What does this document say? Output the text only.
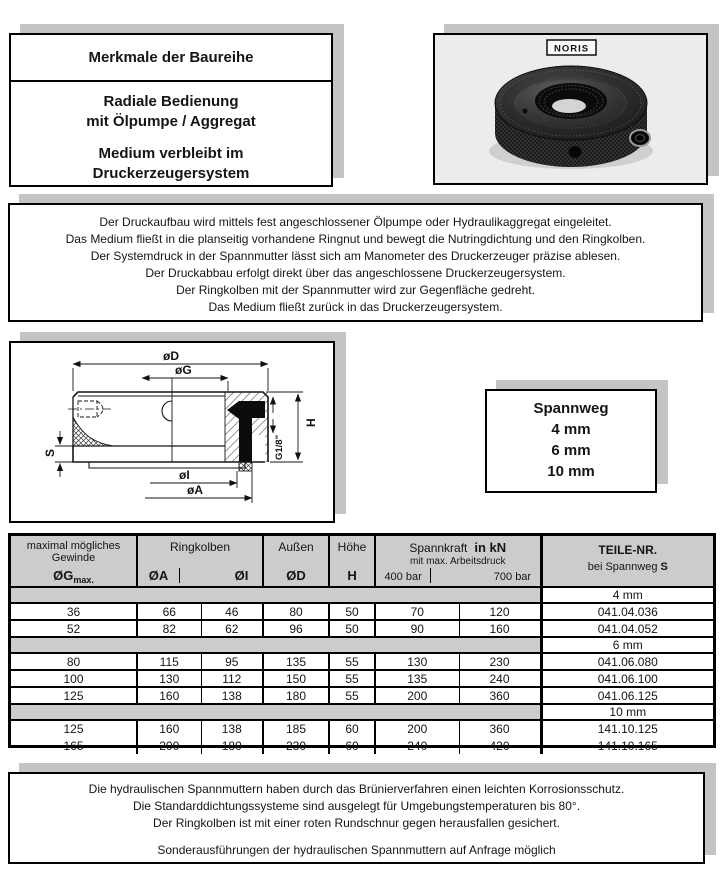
Merkmale der Baureihe
Radiale Bedienung
mit Ölpumpe / Aggregat
Medium verbleibt im
Druckerzeugersystem
NORIS
Der Druckaufbau wird mittels fest angeschlossener Ölpumpe oder Hydraulikaggregat eingeleitet.
Das Medium fließt in die planseitig vorhandene Ringnut und bewegt die Nutringdichtung und den Ringkolben.
Der Systemdruck in der Spannmutter lässt sich am Manometer des Druckerzeuger präzise ablesen.
Der Druckabbau erfolgt direkt über das angeschlossene Druckerzeugersystem.
Der Ringkolben mit der Spannmutter wird zur Gegenfläche gedreht.
Das Medium fließt zurück in das Druckerzeugersystem.
øD
øG
øI
øA
H
S	G1/8"
Spannweg
4 mm
6 mm
10 mm
maximal mögliches
Gewinde
$ØG_{max.}$

Ringkolben
ØA	ØI

Außen
ØD

Höhe
H

Spannkraft in kN
mit max. Arbeitsdruck
400 bar	700 bar

TEILE-NR.
bei Spannweg S

							4 mm
36	66	46	80	50	70	120	041.04.036
52	82	62	96	50	90	160	041.04.052
							6 mm
80	115	95	135	55	130	230	041.06.080
100	130	112	150	55	135	240	041.06.100
125	160	138	180	55	200	360	041.06.125
							10 mm
125	160	138	185	60	200	360	141.10.125
165	200	180	230	60	240	420	141.10.165
Die hydraulischen Spannmuttern haben durch das Brünierverfahren einen leichten Korrosionsschutz.
Die Standarddichtungssysteme sind ausgelegt für Umgebungstemperaturen bis 80°.
Der Ringkolben ist mit einer roten Rundschnur gegen herausfallen gesichert.
Sonderausführungen der hydraulischen Spannmuttern auf Anfrage möglich
